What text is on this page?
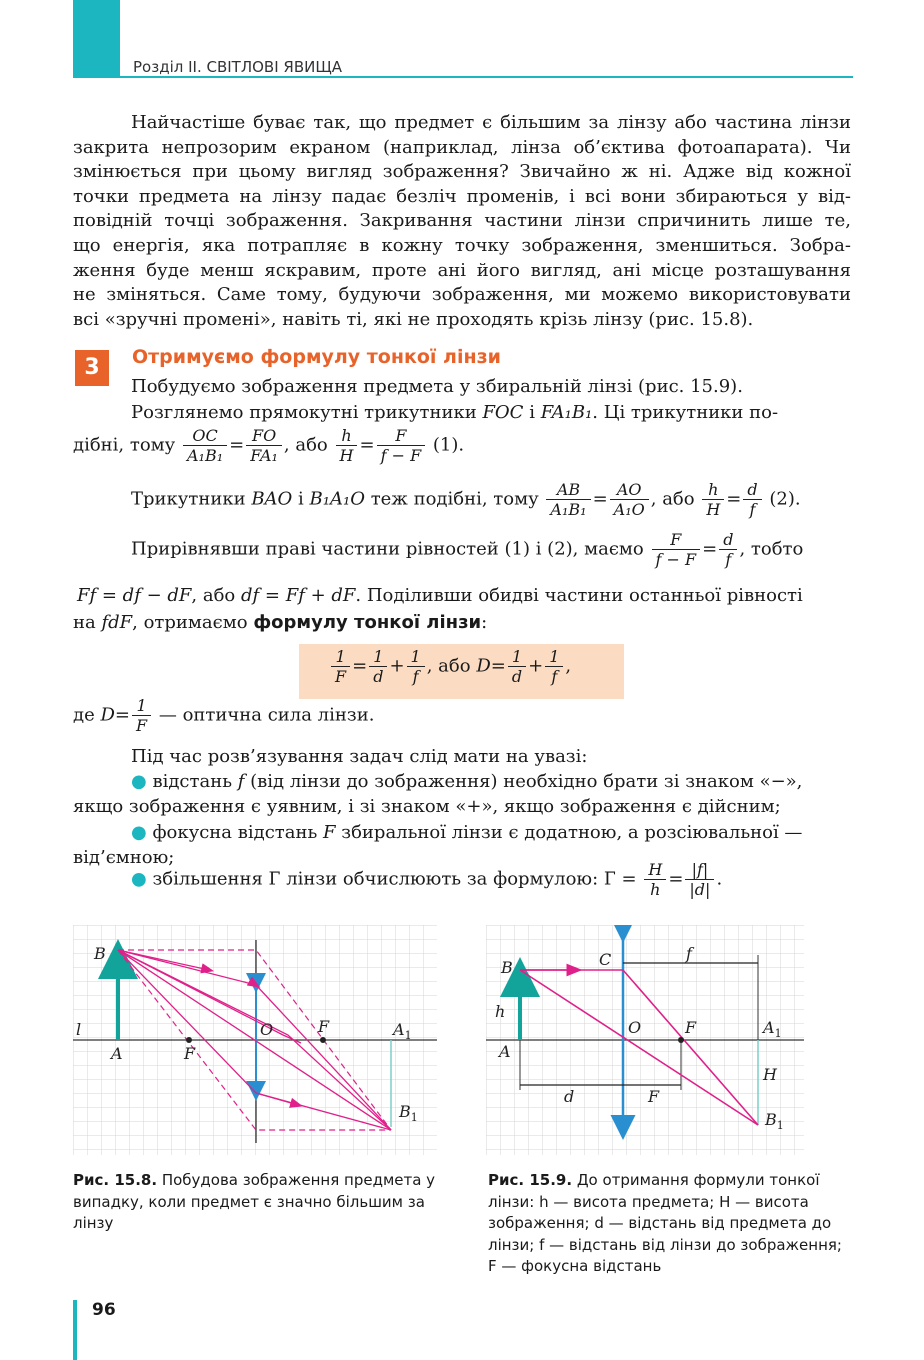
Розділ II. СВІТЛОВІ ЯВИЩА
Найчастіше буває так, що предмет є більшим за лінзу або частина лінзи
закрита непрозорим екраном (наприклад, лінза об’єктива фотоапарата). Чи
змінюється при цьому вигляд зображення? Звичайно ж ні. Адже від кожної
точки предмета на лінзу падає безліч променів, і всі вони збираються у від-
повідній точці зображення. Закривання частини лінзи спричинить лише те,
що енергія, яка потрапляє в кожну точку зображення, зменшиться. Зобра-
ження буде менш яскравим, проте ані його вигляд, ані місце розташування
не зміняться. Саме тому, будуючи зображення, ми можемо використовувати
всі «зручні промені», навіть ті, які не проходять крізь лінзу (рис. 15.8).
3	Отримуємо формулу тонкої лінзи
Побудуємо зображення предмета у збиральній лінзі (рис. 15.9).
Розглянемо прямокутні трикутники FOC і FA₁B₁. Ці трикутники по-
дібні, тому $\frac{OC}{\text{A₁B₁}} = \frac{FO}{\text{FA₁}}$ , або $\frac{h}{H} = \frac{F}{f - F} (1)$.
Трикутники BAO і B₁A₁O теж подібні, тому $\frac{AB}{\text{A₁B₁}} = \frac{AO}{\text{A₁O}}$ , або $\frac{h}{H} = \frac{d}{f} (2)$.
Прирівнявши праві частини рівностей (1) і (2), маємо $\frac{F}{f - F} = \frac{d}{f}$ , тобто
Ff = df − dF, або df = Ff + dF. Поділивши обидві частини останньої рівності
на fdF, отримаємо формулу тонкої лінзи:
$\frac{1}{F} = \frac{1}{d} + \frac{1}{f}$ , або $D= \frac{1}{d} + \frac{1}{f}$ ,
де $D= \frac{1}{F}$ — оптична сила лінзи.
Під час розв’язування задач слід мати на увазі:
● відстань f (від лінзи до зображення) необхідно брати зі знаком «−»,
якщо зображення є уявним, і зі знаком «+», якщо зображення є дійсним;
● фокусна відстань F збиральної лінзи є додатною, а розсіювальної —
від’ємною;
● збільшення Г лінзи обчислюють за формулою: $Г = \frac{H}{h} = \frac{|f|}{|d|}$ .
B
l
A	F
O	F	$A_1$
$B_1$
B	C	f
h
O	F	$A_1$
A
H
d	F
$B_1$
Рис. 15.8. Побудова зображення предмета у випадку, коли предмет є значно більшим за лінзу
Рис. 15.9. До отримання формули тонкої лінзи: h — висота предмета; H — висота зображення; d — відстань від предмета до лінзи; f — відстань від лінзи до зображення; F — фокусна відстань
96
